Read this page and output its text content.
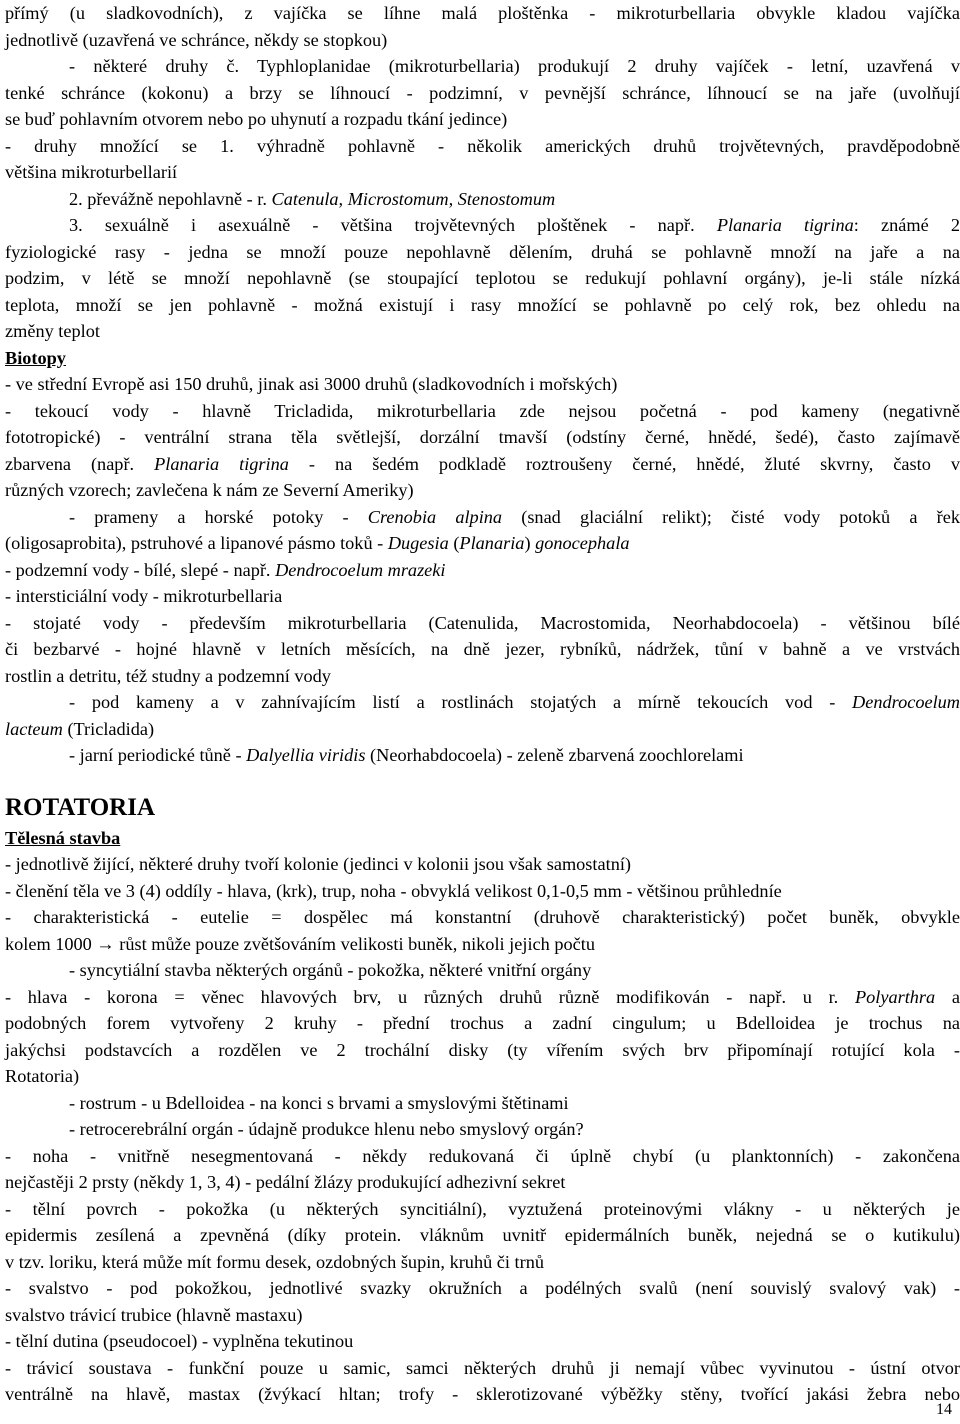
přímý (u sladkovodních), z vajíčka se líhne malá ploštěnka - mikroturbellaria obvykle kladou vajíčka

jednotlivě (uzavřená ve schránce, někdy se stopkou)

- některé druhy č. Typhloplanidae (mikroturbellaria) produkují 2 druhy vajíček - letní, uzavřená v

tenké schránce (kokonu) a brzy se líhnoucí - podzimní, v pevnější schránce, líhnoucí se na jaře (uvolňují

se buď pohlavním otvorem nebo po uhynutí a rozpadu tkání jedince)

- druhy množící se 1. výhradně pohlavně - několik amerických druhů trojvětevných, pravděpodobně

většina mikroturbellarií

2. převážně nepohlavně - r. Catenula, Microstomum, Stenostomum

3. sexuálně i asexuálně - většina trojvětevných ploštěnek - např. Planaria tigrina: známé 2

fyziologické rasy - jedna se množí pouze nepohlavně dělením, druhá se pohlavně množí na jaře a na

podzim, v létě se množí nepohlavně (se stoupající teplotou se redukují pohlavní orgány), je-li stále nízká

teplota, množí se jen pohlavně - možná existují i rasy množící se pohlavně po celý rok, bez ohledu na

změny teplot

Biotopy

- ve střední Evropě asi 150 druhů, jinak asi 3000 druhů (sladkovodních i mořských)

- tekoucí vody - hlavně Tricladida, mikroturbellaria zde nejsou početná - pod kameny (negativně

fototropické) - ventrální strana těla světlejší, dorzální tmavší (odstíny černé, hnědé, šedé), často zajímavě

zbarvena (např. Planaria tigrina - na šedém podkladě roztroušeny černé, hnědé, žluté skvrny, často v

různých vzorech; zavlečena k nám ze Severní Ameriky)

- prameny a horské potoky - Crenobia alpina (snad glaciální relikt); čisté vody potoků a řek

(oligosaprobita), pstruhové a lipanové pásmo toků - Dugesia (Planaria) gonocephala

- podzemní vody - bílé, slepé - např. Dendrocoelum mrazeki

- intersticiální vody - mikroturbellaria

- stojaté vody - především mikroturbellaria (Catenulida, Macrostomida, Neorhabdocoela) - většinou bílé

či bezbarvé - hojné hlavně v letních měsících, na dně jezer, rybníků, nádržek, tůní v bahně a ve vrstvách

rostlin a detritu, též studny a podzemní vody

- pod kameny a v zahnívajícím listí a rostlinách stojatých a mírně tekoucích vod - Dendrocoelum

lacteum (Tricladida)

- jarní periodické tůně - Dalyellia viridis (Neorhabdocoela) - zeleně zbarvená zoochlorelami

ROTATORIA

Tělesná stavba

- jednotlivě žijící, některé druhy tvoří kolonie (jedinci v kolonii jsou však samostatní)

- členění těla ve 3 (4) oddíly - hlava, (krk), trup, noha - obvyklá velikost 0,1-0,5 mm - většinou průhledníe

- charakteristická - eutelie = dospělec má konstantní (druhově charakteristický) počet buněk, obvykle

kolem 1000 → růst může pouze zvětšováním velikosti buněk, nikoli jejich počtu

- syncytiální stavba některých orgánů - pokožka, některé vnitřní orgány

- hlava - korona = věnec hlavových brv, u různých druhů různě modifikován - např. u r. Polyarthra a

podobných forem vytvořeny 2 kruhy - přední trochus a zadní cingulum; u Bdelloidea je trochus na

jakýchsi podstavcích a rozdělen ve 2 trochální disky (ty vířením svých brv připomínají rotující kola -

Rotatoria)

- rostrum - u Bdelloidea - na konci s brvami a smyslovými štětinami

- retrocerebrální orgán - údajně produkce hlenu nebo smyslový orgán?

- noha - vnitřně nesegmentovaná - někdy redukovaná či úplně chybí (u planktonních) - zakončena

nejčastěji 2 prsty (někdy 1, 3, 4) - pedální žlázy produkující adhezivní sekret

- tělní povrch - pokožka (u některých syncitiální), vyztužená proteinovými vlákny - u některých je

epidermis zesílená a zpevněná (díky protein. vláknům uvnitř epidermálních buněk, nejedná se o kutikulu)

v tzv. loriku, která může mít formu desek, ozdobných šupin, kruhů či trnů

- svalstvo - pod pokožkou, jednotlivé svazky okružních a podélných svalů (není souvislý svalový vak) -

svalstvo trávicí trubice (hlavně mastaxu)

- tělní dutina (pseudocoel) - vyplněna tekutinou

- trávicí soustava - funkční pouze u samic, samci některých druhů ji nemají vůbec vyvinutou - ústní otvor

ventrálně na hlavě, mastax (žvýkací hltan; trofy - sklerotizované výběžky stěny, tvořící jakási žebra nebo

14
